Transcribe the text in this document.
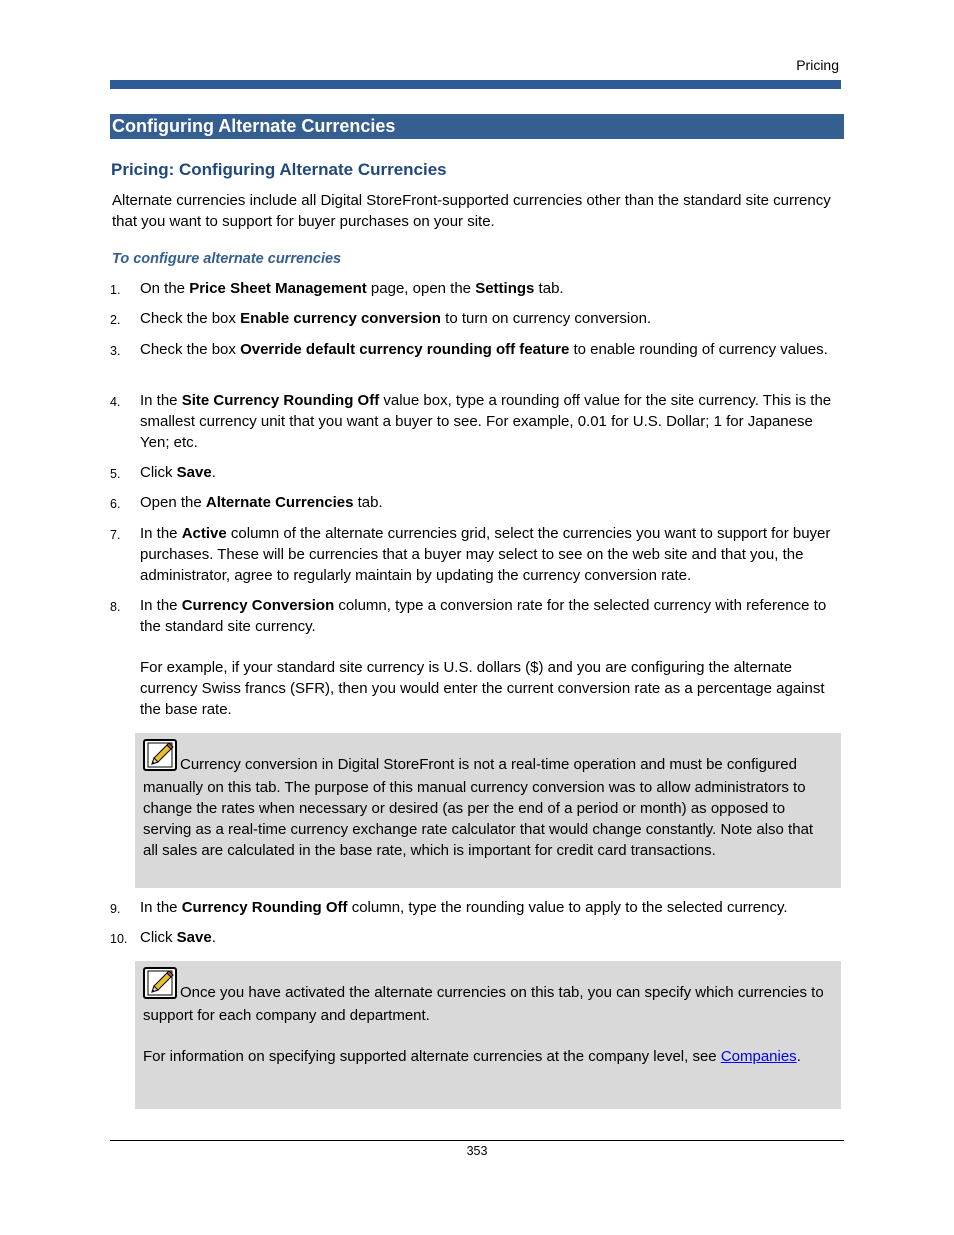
Pricing
Configuring Alternate Currencies
Pricing: Configuring Alternate Currencies
Alternate currencies include all Digital StoreFront-supported currencies other than the standard site currency that you want to support for buyer purchases on your site.
To configure alternate currencies
1.	On the Price Sheet Management page, open the Settings tab.
2.	Check the box Enable currency conversion to turn on currency conversion.
3.	Check the box Override default currency rounding off feature to enable rounding of currency values.
4.	In the Site Currency Rounding Off value box, type a rounding off value for the site currency. This is the smallest currency unit that you want a buyer to see. For example, 0.01 for U.S. Dollar; 1 for Japanese Yen; etc.
5.	Click Save.
6.	Open the Alternate Currencies tab.
7.	In the Active column of the alternate currencies grid, select the currencies you want to support for buyer purchases. These will be currencies that a buyer may select to see on the web site and that you, the administrator, agree to regularly maintain by updating the currency conversion rate.
8.	In the Currency Conversion column, type a conversion rate for the selected currency with reference to the standard site currency.
For example, if your standard site currency is U.S. dollars ($) and you are configuring the alternate currency Swiss francs (SFR), then you would enter the current conversion rate as a percentage against the base rate.
Currency conversion in Digital StoreFront is not a real-time operation and must be configured manually on this tab. The purpose of this manual currency conversion was to allow administrators to change the rates when necessary or desired (as per the end of a period or month) as opposed to serving as a real-time currency exchange rate calculator that would change constantly. Note also that all sales are calculated in the base rate, which is important for credit card transactions.
9.	In the Currency Rounding Off column, type the rounding value to apply to the selected currency.
10. Click Save.
Once you have activated the alternate currencies on this tab, you can specify which currencies to support for each company and department.
For information on specifying supported alternate currencies at the company level, see Companies.
353
